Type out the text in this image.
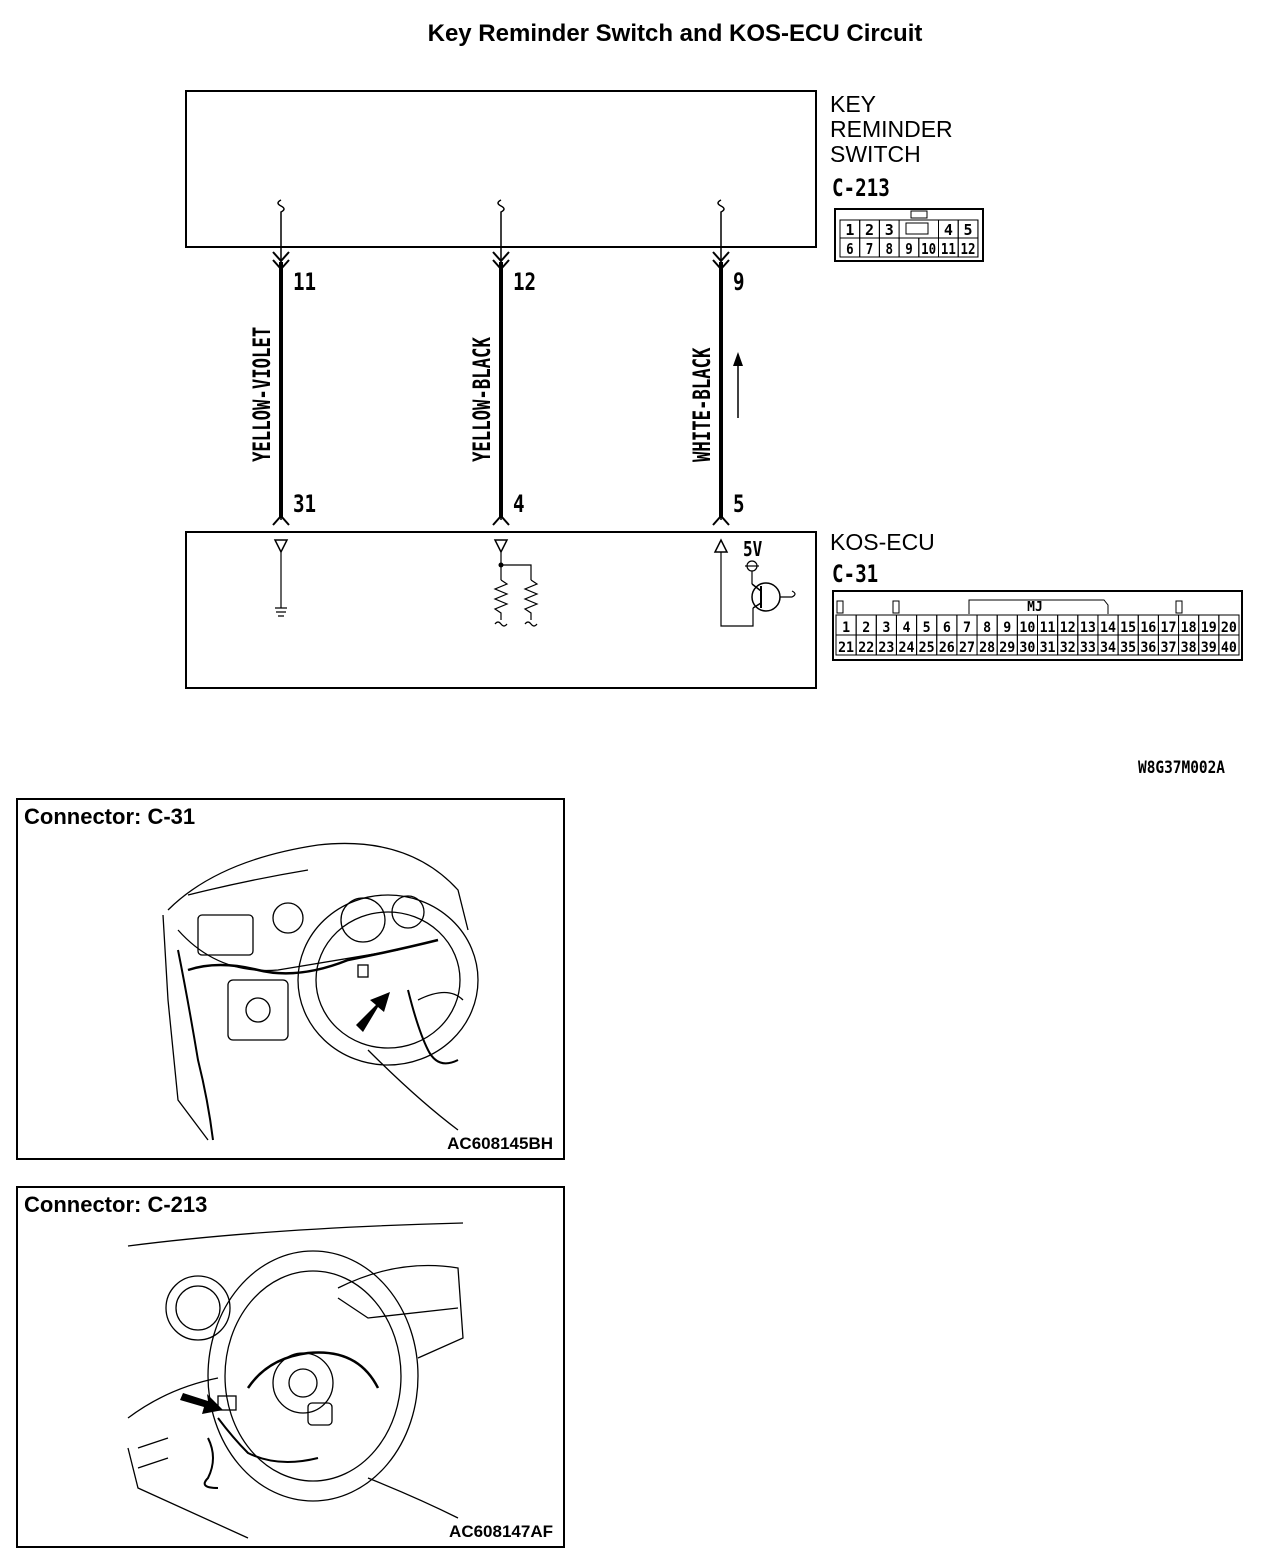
Key Reminder Switch and KOS-ECU Circuit
KEY
REMINDER
SWITCH
C-213
KOS-ECU
C-31
6 7 8 9 10 11 12
1 2 3	4 5
1 2 3 4 5 6 7 8 9 10 11 12 13 14 15 16 17 18 19 20
21 22 23 24 25 26 27 28 29 30 31 32 33 34 35 36 37 38 39 40
MJ
11	12	9
31	4	5
5V
YELLOW-VIOLET	YELLOW-BLACK	WHITE-BLACK
W8G37M002A
Connector: C-31
AC608145BH
Connector: C-213
AC608147AF
